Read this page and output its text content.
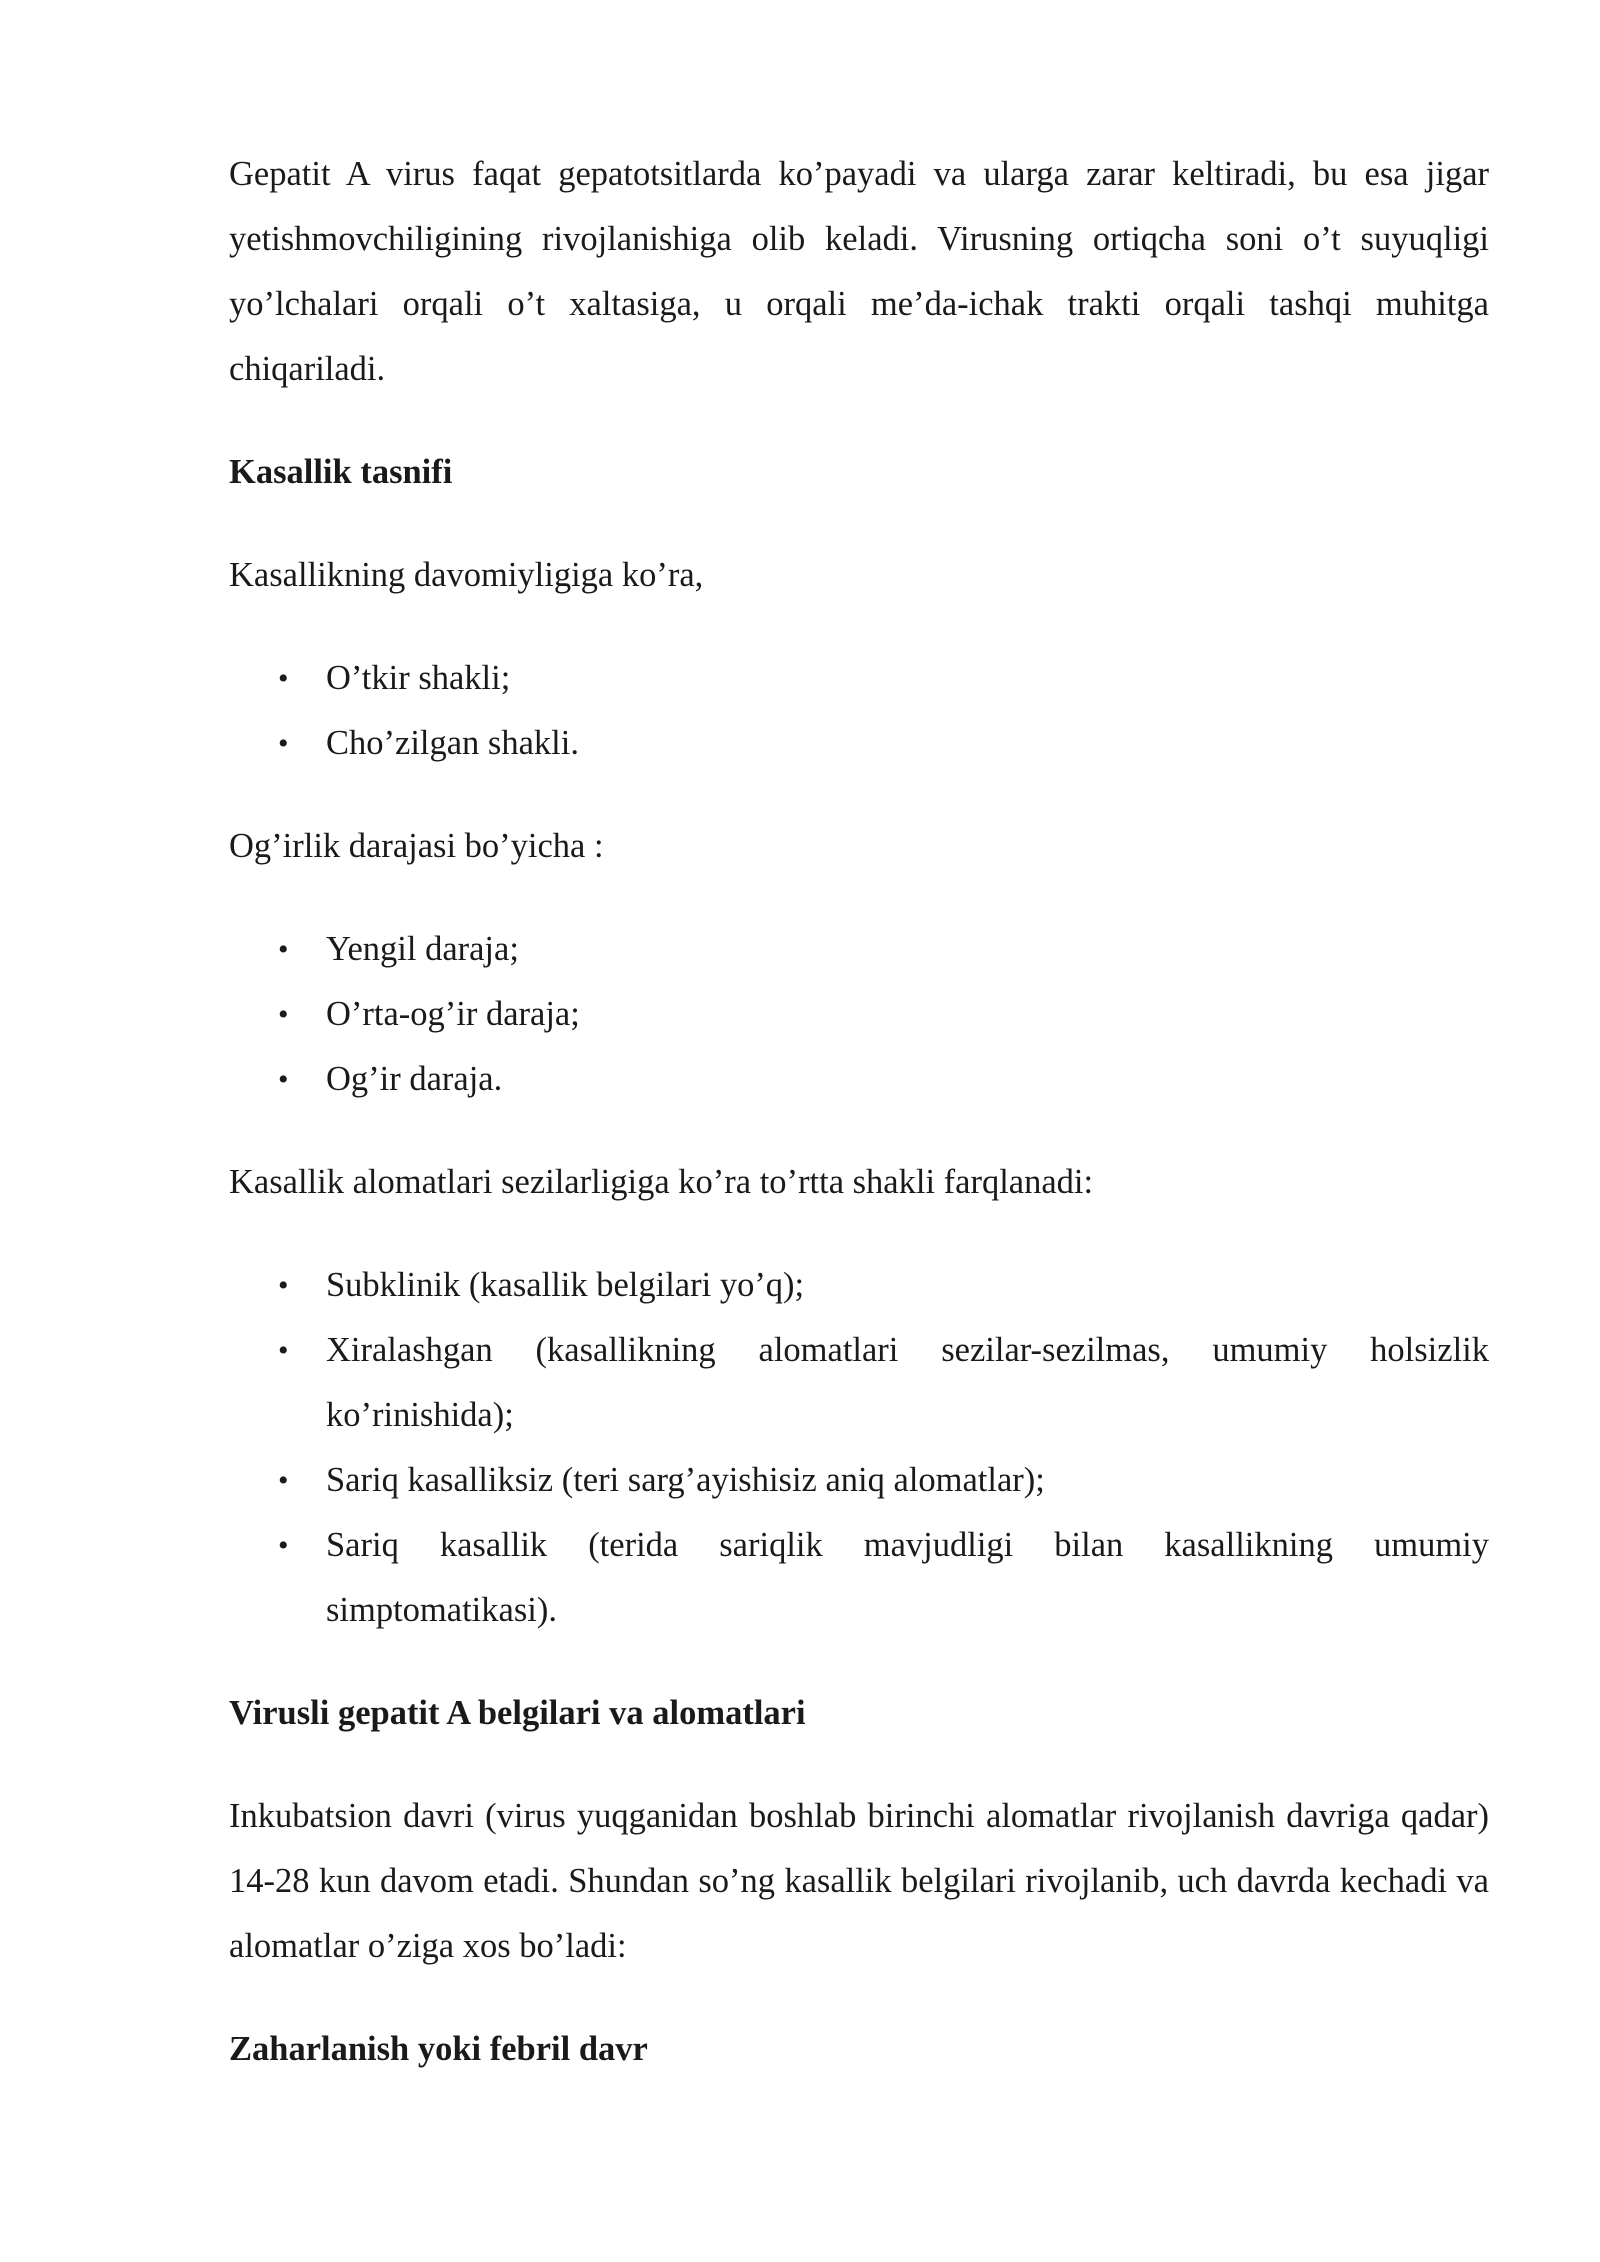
Gepatit A virus faqat gepatotsitlarda ko’payadi va ularga zarar keltiradi, bu esa jigar yetishmovchiligining rivojlanishiga olib keladi. Virusning ortiqcha soni o’t suyuqligi yo’lchalari orqali o’t xaltasiga, u orqali me’da-ichak trakti orqali tashqi muhitga chiqariladi.

Kasallik tasnifi

Kasallikning davomiyligiga ko’ra,

• O’tkir shakli;
• Cho’zilgan shakli.

Og’irlik darajasi bo’yicha :

• Yengil daraja;
• O’rta-og’ir daraja;
• Og’ir daraja.

Kasallik alomatlari sezilarligiga ko’ra to’rtta shakli farqlanadi:

• Subklinik (kasallik belgilari yo’q);
• Xiralashgan (kasallikning alomatlari sezilar-sezilmas, umumiy holsizlik ko’rinishida);
• Sariq kasalliksiz (teri sarg’ayishisiz aniq alomatlar);
• Sariq kasallik (terida sariqlik mavjudligi bilan kasallikning umumiy simptomatikasi).

Virusli gepatit A belgilari va alomatlari

Inkubatsion davri (virus yuqganidan boshlab birinchi alomatlar rivojlanish davriga qadar) 14-28 kun davom etadi. Shundan so’ng kasallik belgilari rivojlanib, uch davrda kechadi va alomatlar o’ziga xos bo’ladi:

Zaharlanish yoki febril davr
